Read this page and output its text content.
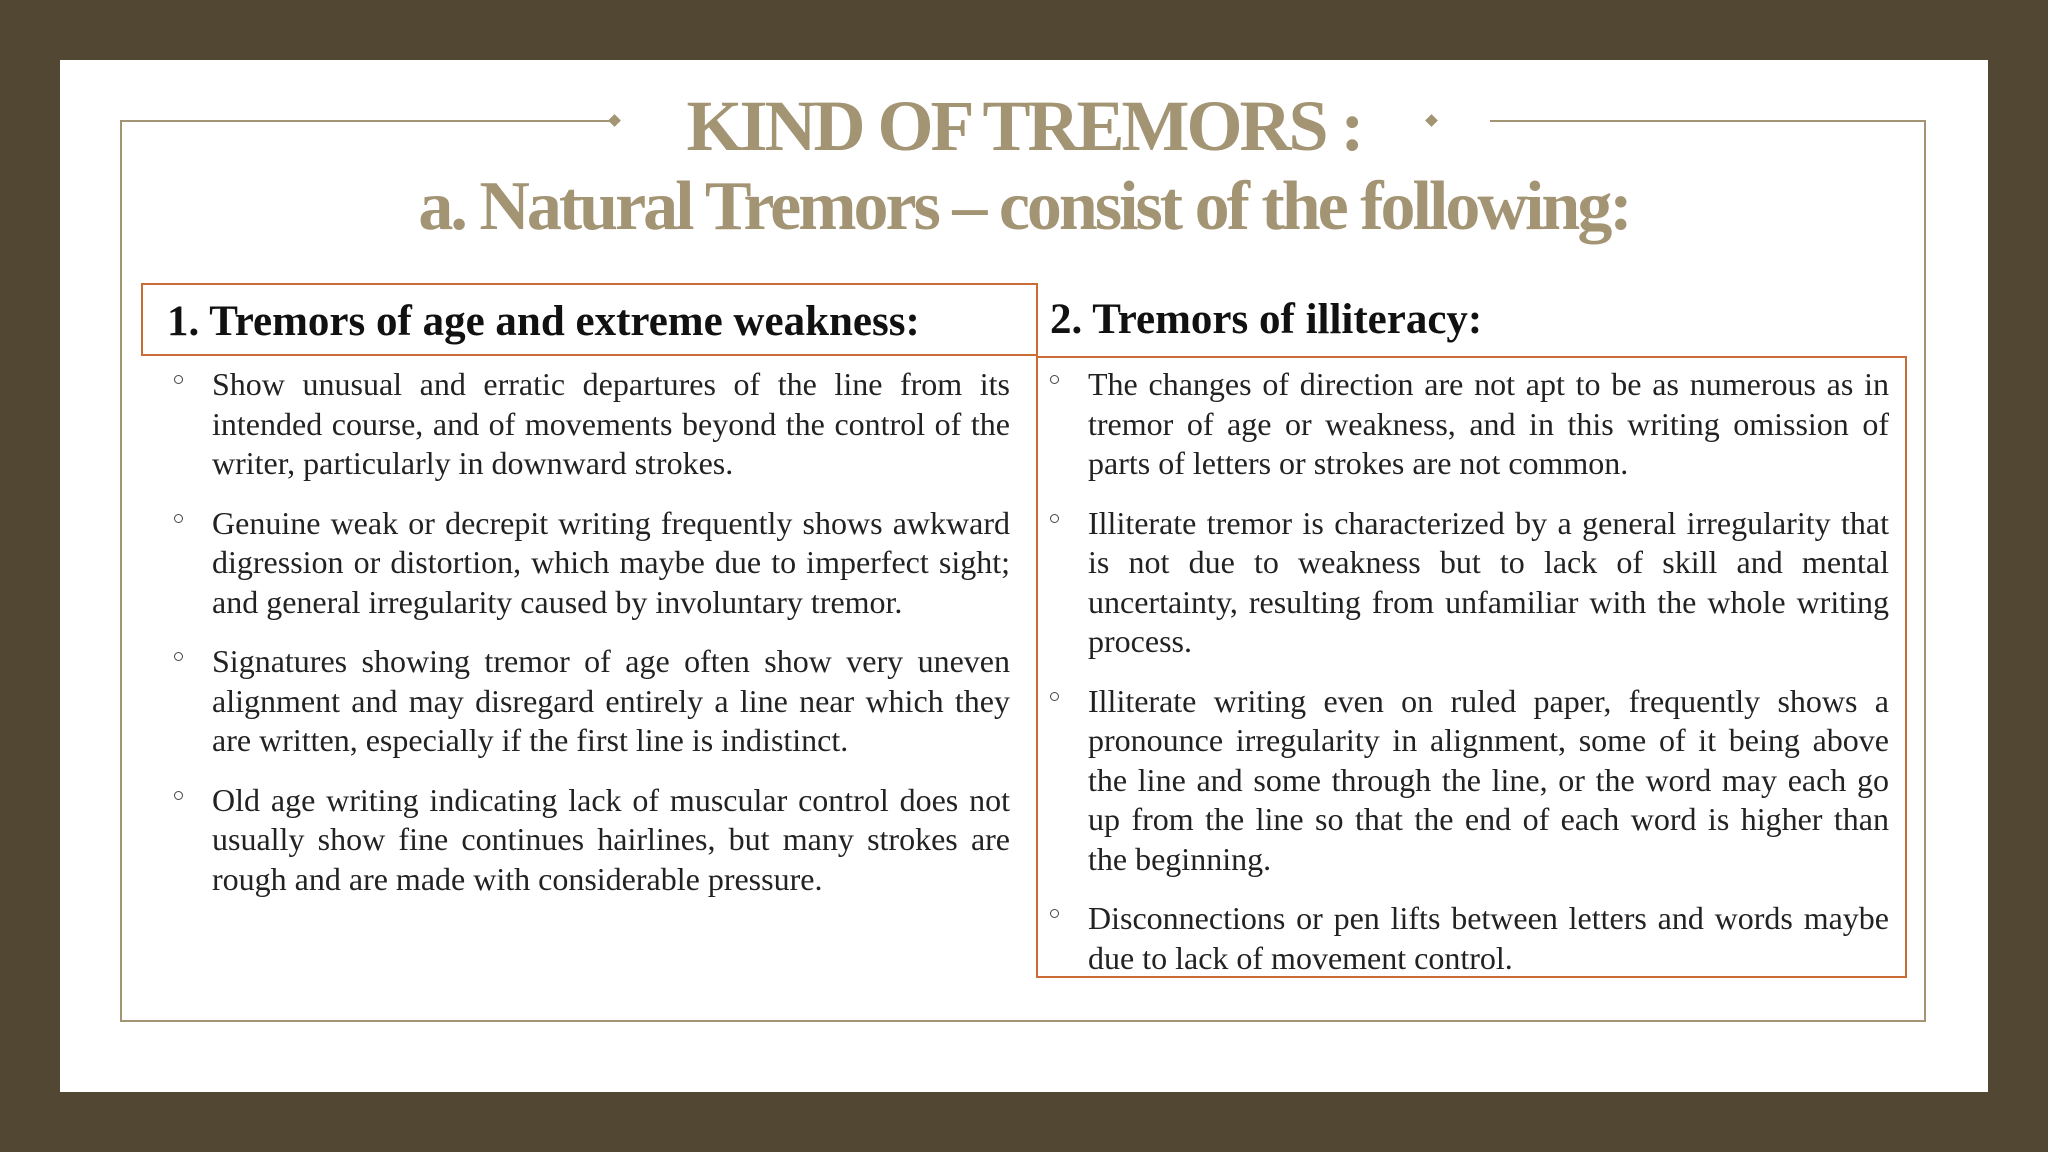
KIND OF TREMORS :
a. Natural Tremors – consist of the following:
1. Tremors of age and extreme weakness:	2. Tremors of illiteracy:
Show unusual and erratic departures of the line from its intended course, and of movements beyond the control of the writer, particularly in downward strokes.
Genuine weak or decrepit writing frequently shows awkward digression or distortion, which maybe due to imperfect sight; and general irregularity caused by involuntary tremor.
Signatures showing tremor of age often show very uneven alignment and may disregard entirely a line near which they are written, especially if the first line is indistinct.
Old age writing indicating lack of muscular control does not usually show fine continues hairlines, but many strokes are rough and are made with considerable pressure.
The changes of direction are not apt to be as numerous as in tremor of age or weakness, and in this writing omission of parts of letters or strokes are not common.
Illiterate tremor is characterized by a general irregularity that is not due to weakness but to lack of skill and mental uncertainty, resulting from unfamiliar with the whole writing process.
Illiterate writing even on ruled paper, frequently shows a pronounce irregularity in alignment, some of it being above the line and some through the line, or the word may each go up from the line so that the end of each word is higher than the beginning.
Disconnections or pen lifts between letters and words maybe due to lack of movement control.
